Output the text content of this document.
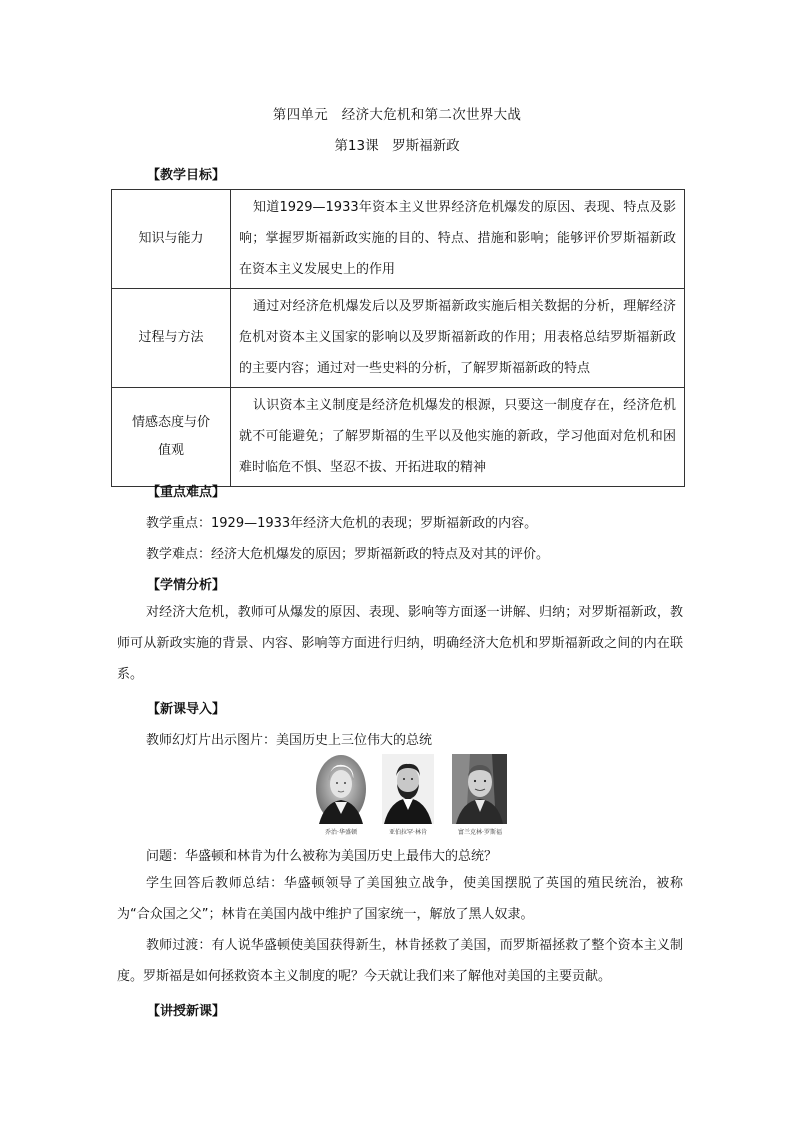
第四单元　经济大危机和第二次世界大战
第13课　罗斯福新政
【教学目标】
知识与能力	知道1929—1933年资本主义世界经济危机爆发的原因、表现、特点及影响；掌握罗斯福新政实施的目的、特点、措施和影响；能够评价罗斯福新政在资本主义发展史上的作用
过程与方法	通过对经济危机爆发后以及罗斯福新政实施后相关数据的分析，理解经济危机对资本主义国家的影响以及罗斯福新政的作用；用表格总结罗斯福新政的主要内容；通过对一些史料的分析，了解罗斯福新政的特点
情感态度与价值观	认识资本主义制度是经济危机爆发的根源，只要这一制度存在，经济危机就不可能避免；了解罗斯福的生平以及他实施的新政，学习他面对危机和困难时临危不惧、坚忍不拔、开拓进取的精神
【重点难点】
教学重点：1929—1933年经济大危机的表现；罗斯福新政的内容。
教学难点：经济大危机爆发的原因；罗斯福新政的特点及对其的评价。
【学情分析】
对经济大危机，教师可从爆发的原因、表现、影响等方面逐一讲解、归纳；对罗斯福新政，教师可从新政实施的背景、内容、影响等方面进行归纳，明确经济大危机和罗斯福新政之间的内在联系。
【新课导入】
教师幻灯片出示图片：美国历史上三位伟大的总统
乔治·华盛顿	亚伯拉罕·林肯	富兰克林·罗斯福
问题：华盛顿和林肯为什么被称为美国历史上最伟大的总统？
学生回答后教师总结：华盛顿领导了美国独立战争，使美国摆脱了英国的殖民统治，被称为“合众国之父”；林肯在美国内战中维护了国家统一，解放了黑人奴隶。
教师过渡：有人说华盛顿使美国获得新生，林肯拯救了美国，而罗斯福拯救了整个资本主义制度。罗斯福是如何拯救资本主义制度的呢？今天就让我们来了解他对美国的主要贡献。
【讲授新课】
